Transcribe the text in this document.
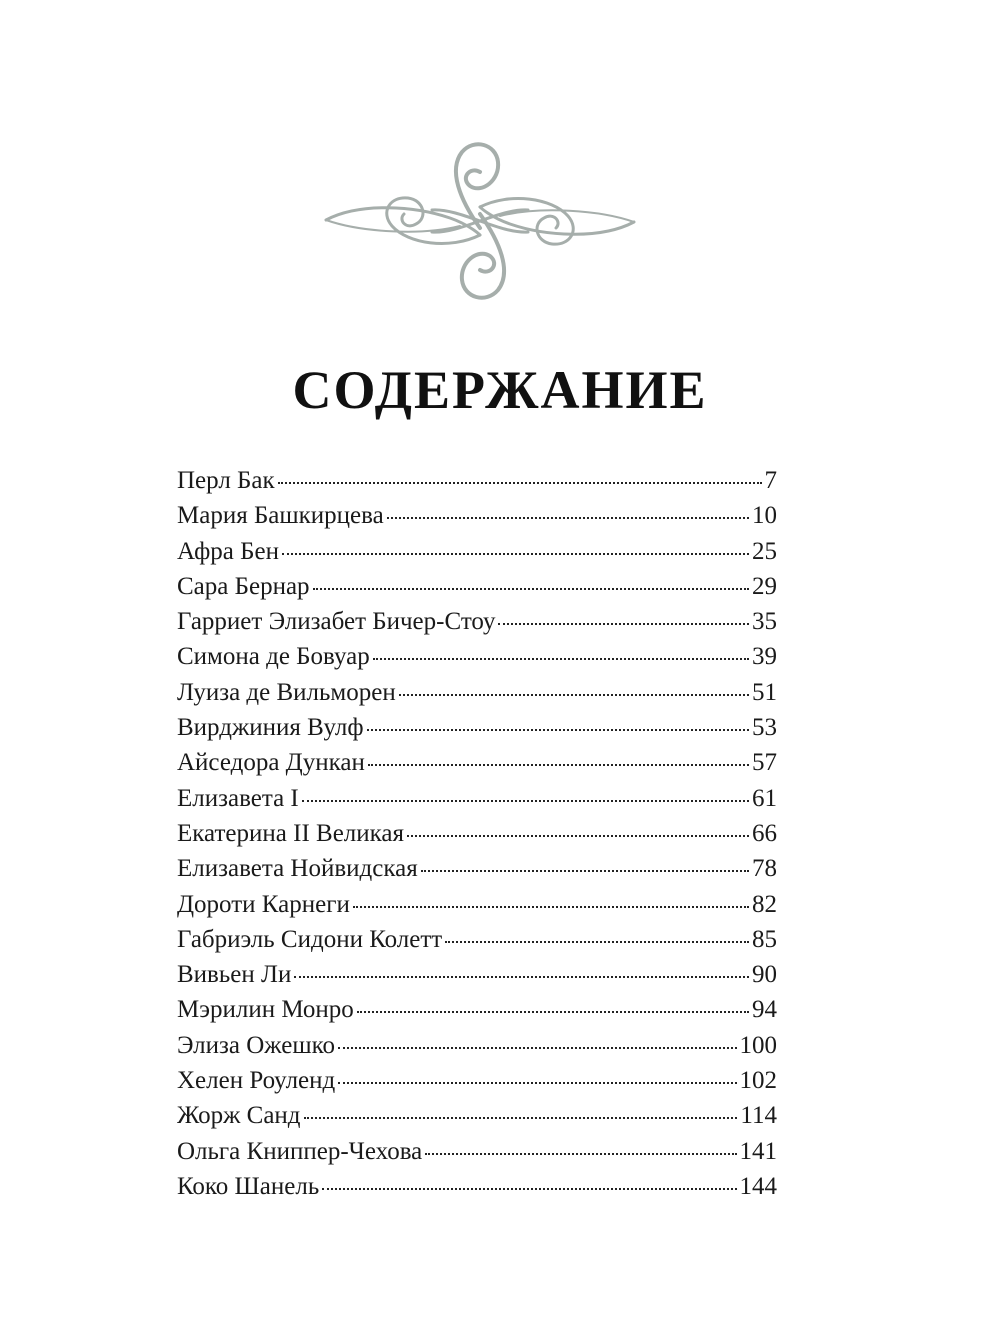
СОДЕРЖАНИЕ
Перл Бак	7
Мария Башкирцева	10
Афра Бен	25
Сара Бернар	29
Гарриет Элизабет Бичер-Стоу	35
Симона де Бовуар	39
Луиза де Вильморен	51
Вирджиния Вулф	53
Айседора Дункан	57
Елизавета I	61
Екатерина II Великая	66
Елизавета Нойвидская	78
Дороти Карнеги	82
Габриэль Сидони Колетт	85
Вивьен Ли	90
Мэрилин Монро	94
Элиза Ожешко	100
Хелен Роуленд	102
Жорж Санд	114
Ольга Книппер-Чехова	141
Коко Шанель	144
